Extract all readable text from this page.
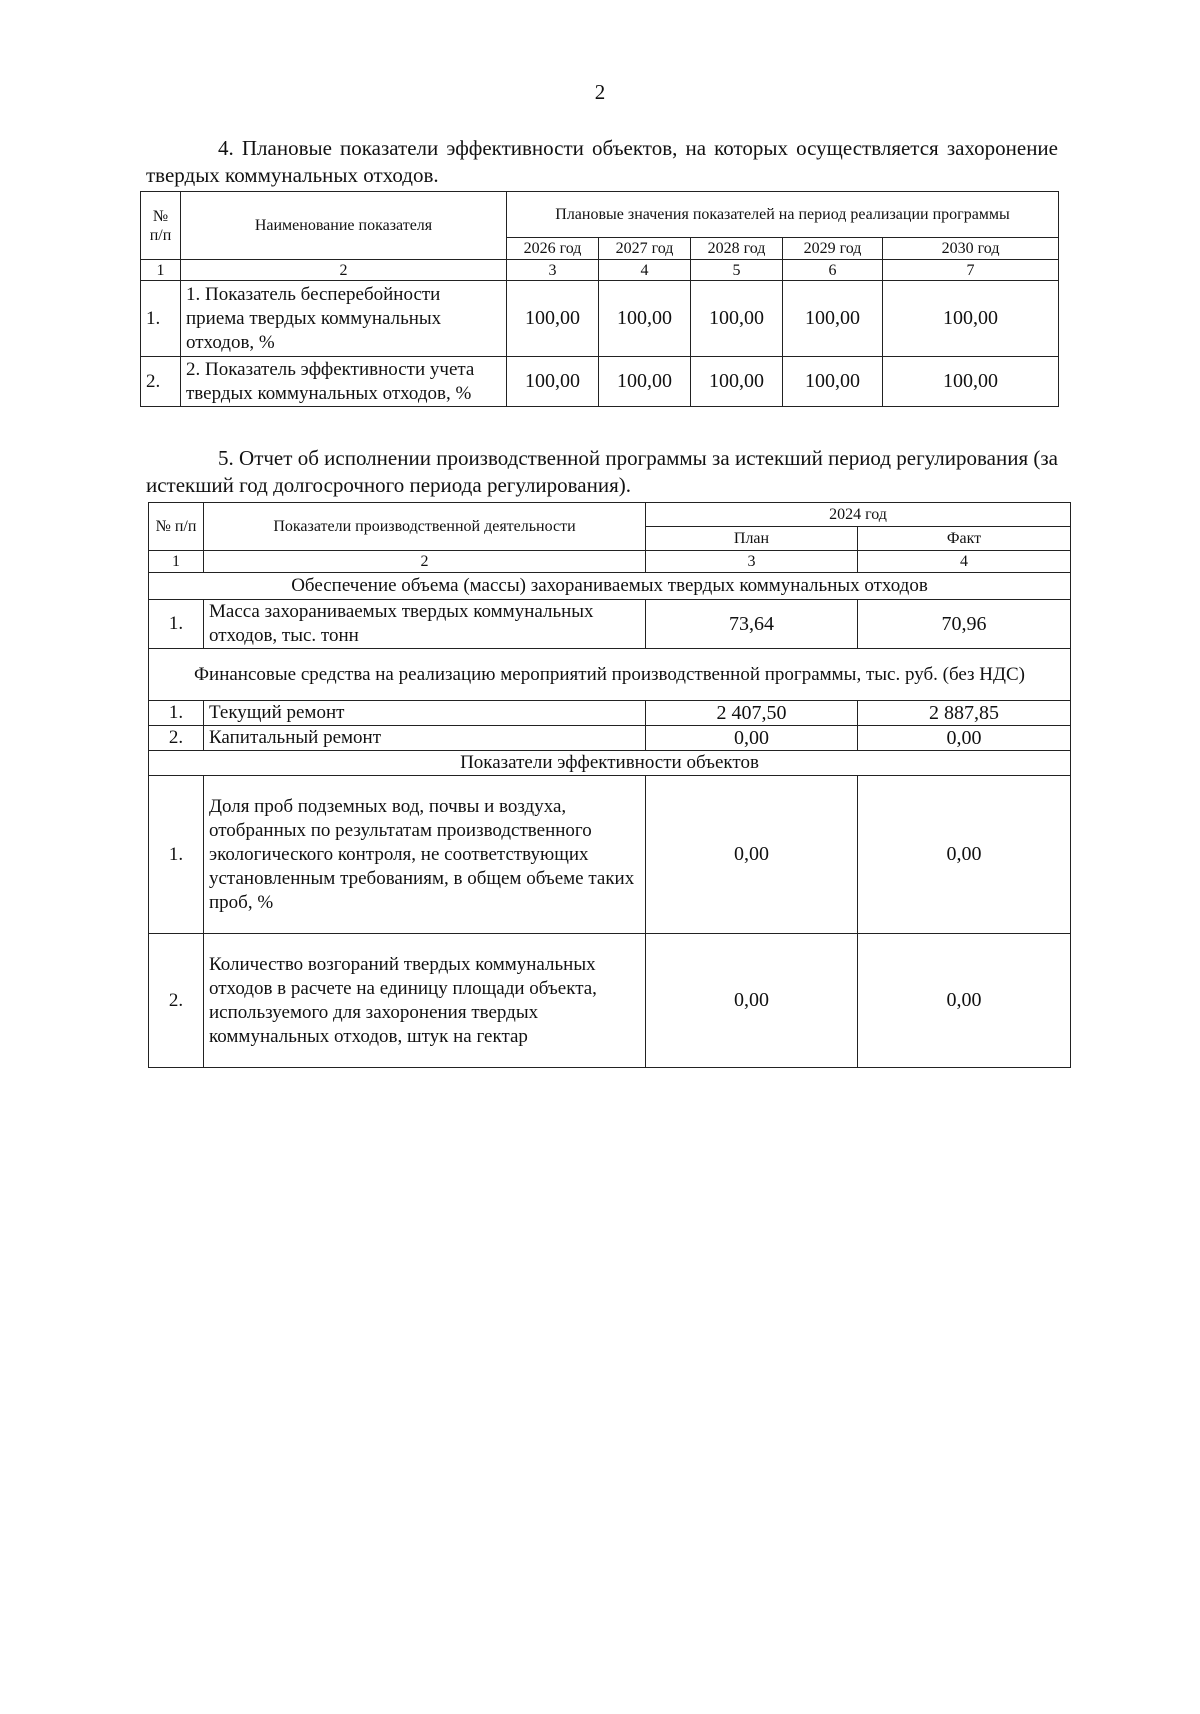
2
4. Плановые показатели эффективности объектов, на которых осуществляется захоронение твердых коммунальных отходов.
№ п/п	Наименование показателя	Плановые значения показателей на период реализации программы				
		2026 год	2027 год	2028 год	2029 год	2030 год
1	2	3	4	5	6	7
1.	1. Показатель бесперебойности приема твердых коммунальных отходов, %	100,00	100,00	100,00	100,00	100,00
2.	2. Показатель эффективности учета твердых коммунальных отходов, %	100,00	100,00	100,00	100,00	100,00
5. Отчет об исполнении производственной программы за истекший период регулирования (за истекший год долгосрочного периода регулирования).
№ п/п	Показатели производственной деятельности	2024 год	
		План	Факт
1	2	3	4
Обеспечение объема (массы) захораниваемых твердых коммунальных отходов			
1.	Масса захораниваемых твердых коммунальных отходов, тыс. тонн	73,64	70,96
Финансовые средства на реализацию мероприятий производственной программы, тыс. руб. (без НДС)			
1.	Текущий ремонт	2 407,50	2 887,85
2.	Капитальный ремонт	0,00	0,00
Показатели эффективности объектов			
1.	Доля проб подземных вод, почвы и воздуха, отобранных по результатам производственного экологического контроля, не соответствующих установленным требованиям, в общем объеме таких проб, %	0,00	0,00
2.	Количество возгораний твердых коммунальных отходов в расчете на единицу площади объекта, используемого для захоронения твердых коммунальных отходов, штук на гектар	0,00	0,00
